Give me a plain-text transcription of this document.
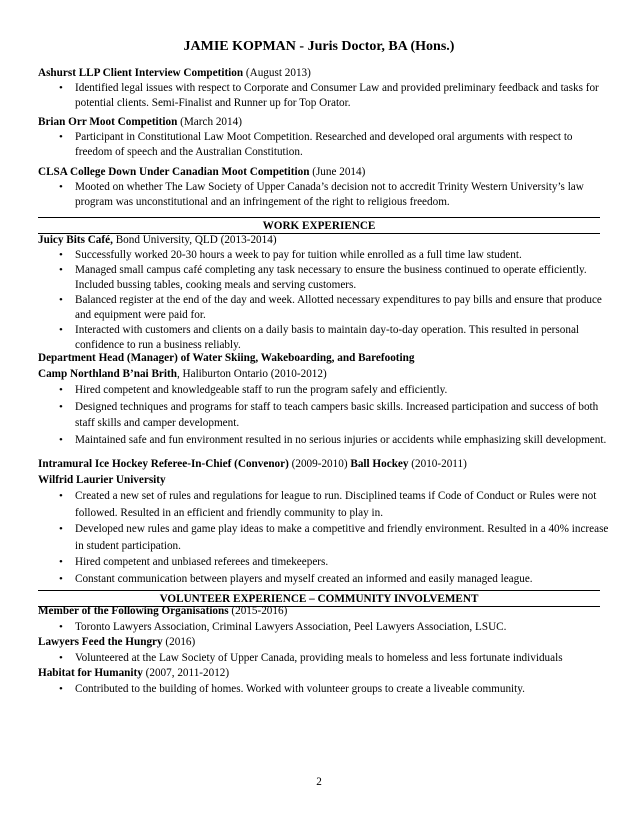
JAMIE KOPMAN - Juris Doctor, BA (Hons.)
Ashurst LLP Client Interview Competition (August 2013)
• Identified legal issues with respect to Corporate and Consumer Law and provided preliminary feedback and tasks for
potential clients. Semi-Finalist and Runner up for Top Orator.
Brian Orr Moot Competition (March 2014)
• Participant in Constitutional Law Moot Competition. Researched and developed oral arguments with respect to
freedom of speech and the Australian Constitution.
CLSA College Down Under Canadian Moot Competition (June 2014)
• Mooted on whether The Law Society of Upper Canada’s decision not to accredit Trinity Western University’s law
program was unconstitutional and an infringement of the right to religious freedom.
WORK EXPERIENCE
Juicy Bits Café, Bond University, QLD (2013-2014)
• Successfully worked 20-30 hours a week to pay for tuition while enrolled as a full time law student.
• Managed small campus café completing any task necessary to ensure the business continued to operate efficiently.
Included bussing tables, cooking meals and serving customers.
• Balanced register at the end of the day and week. Allotted necessary expenditures to pay bills and ensure that produce
and equipment were paid for.
• Interacted with customers and clients on a daily basis to maintain day-to-day operation. This resulted in personal
confidence to run a business reliably.
Department Head (Manager) of Water Skiing, Wakeboarding, and Barefooting
Camp Northland B’nai Brith, Haliburton Ontario (2010-2012)
• Hired competent and knowledgeable staff to run the program safely and efficiently.
• Designed techniques and programs for staff to teach campers basic skills. Increased participation and success of both
staff skills and camper development.
• Maintained safe and fun environment resulted in no serious injuries or accidents while emphasizing skill development.
Intramural Ice Hockey Referee-In-Chief (Convenor) (2009-2010) Ball Hockey (2010-2011)
Wilfrid Laurier University
• Created a new set of rules and regulations for league to run. Disciplined teams if Code of Conduct or Rules were not
followed. Resulted in an efficient and friendly community to play in.
• Developed new rules and game play ideas to make a competitive and friendly environment. Resulted in a 40% increase
in student participation.
• Hired competent and unbiased referees and timekeepers.
• Constant communication between players and myself created an informed and easily managed league.
VOLUNTEER EXPERIENCE – COMMUNITY INVOLVEMENT
Member of the Following Organisations (2015-2016)
• Toronto Lawyers Association, Criminal Lawyers Association, Peel Lawyers Association, LSUC.
Lawyers Feed the Hungry (2016)
• Volunteered at the Law Society of Upper Canada, providing meals to homeless and less fortunate individuals
Habitat for Humanity (2007, 2011-2012)
• Contributed to the building of homes. Worked with volunteer groups to create a liveable community.
2
